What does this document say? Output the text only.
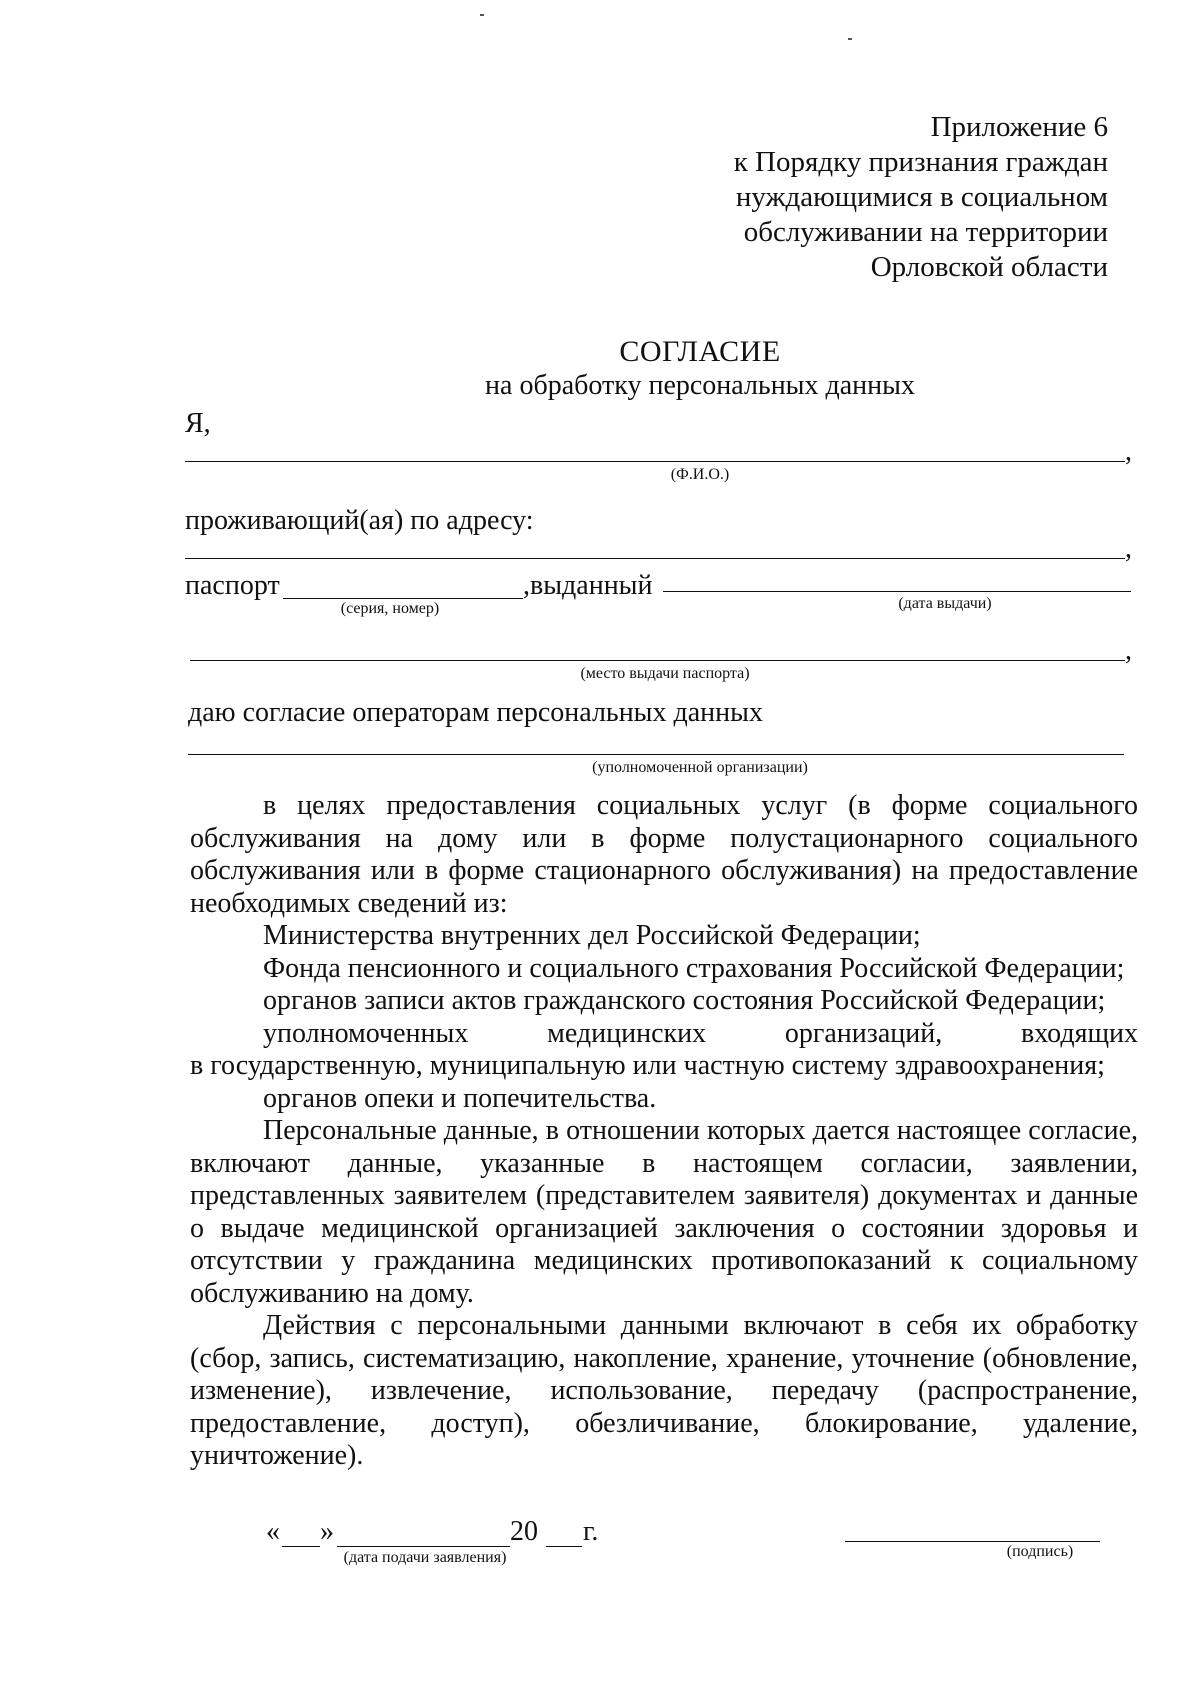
Приложение 6
к Порядку признания граждан
нуждающимися в социальном
обслуживании на территории
Орловской области
СОГЛАСИЕ
на обработку персональных данных
Я,
,
(Ф.И.О.)
проживающий(ая) по адресу:
,
паспорт	,выданный
(серия, номер)	(дата выдачи)
,
(место выдачи паспорта)
даю согласие операторам персональных данных
(уполномоченной организации)

в целях предоставления социальных услуг (в форме социального обслуживания на дому или в форме полустационарного социального обслуживания или в форме стационарного обслуживания) на предоставление необходимых сведений из:

Министерства внутренних дел Российской Федерации;

Фонда пенсионного и социального страхования Российской Федерации;

органов записи актов гражданского состояния Российской Федерации;

уполномоченных медицинских организаций, входящих

в государственную, муниципальную или частную систему здравоохранения;

органов опеки и попечительства.

Персональные данные, в отношении которых дается настоящее согласие, включают данные, указанные в настоящем согласии, заявлении, представленных заявителем (представителем заявителя) документах и данные о выдаче медицинской организацией заключения о состоянии здоровья и отсутствии у гражданина медицинских противопоказаний к социальному обслуживанию на дому.

Действия с персональными данными включают в себя их обработку (сбор, запись, систематизацию, накопление, хранение, уточнение (обновление, изменение), извлечение, использование, передачу (распространение, предоставление, доступ), обезличивание, блокирование, удаление, уничтожение).

« »	20 г.
(дата подачи заявления)	(подпись)
